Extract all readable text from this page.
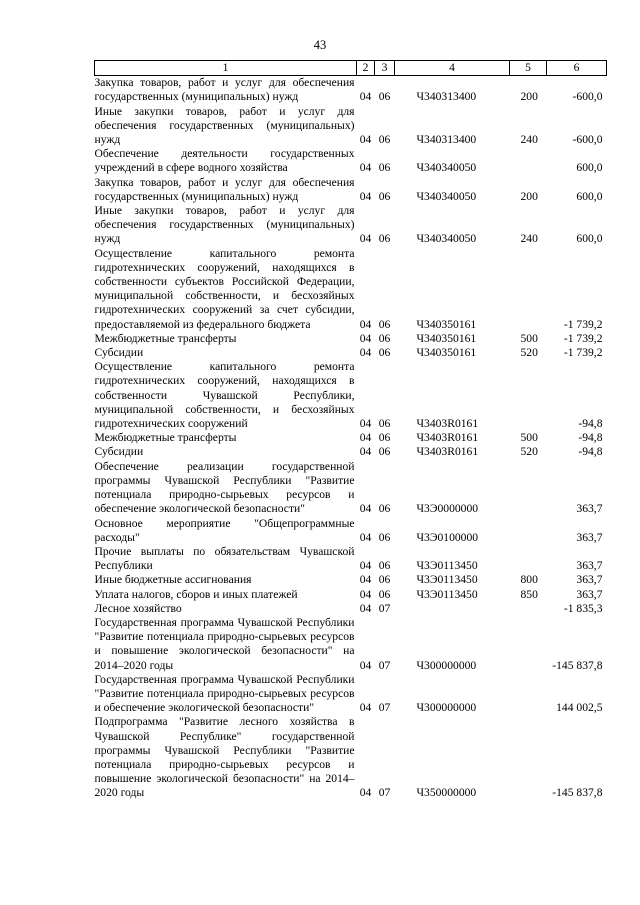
43
1	2	3	4	5	6
Закупка товаров, работ и услуг для обеспечения государственных (муниципальных) нужд	04	06	Ч340313400	200	-600,0
Иные закупки товаров, работ и услуг для обеспечения государственных (муниципальных) нужд	04	06	Ч340313400	240	-600,0
Обеспечение деятельности государственных учреждений в сфере водного хозяйства	04	06	Ч340340050		600,0
Закупка товаров, работ и услуг для обеспечения государственных (муниципальных) нужд	04	06	Ч340340050	200	600,0
Иные закупки товаров, работ и услуг для обеспечения государственных (муниципальных) нужд	04	06	Ч340340050	240	600,0
Осуществление капитального ремонта гидротехнических сооружений, находящихся в собственности субъектов Российской Федерации, муниципальной собственности, и бесхозяйных гидротехнических сооружений за счет субсидии, предоставляемой из федерального бюджета	04	06	Ч340350161		-1 739,2
Межбюджетные трансферты	04	06	Ч340350161	500	-1 739,2
Субсидии	04	06	Ч340350161	520	-1 739,2
Осуществление капитального ремонта гидротехнических сооружений, находящихся в собственности Чувашской Республики, муниципальной собственности, и бесхозяйных гидротехнических сооружений	04	06	Ч3403R0161		-94,8
Межбюджетные трансферты	04	06	Ч3403R0161	500	-94,8
Субсидии	04	06	Ч3403R0161	520	-94,8
Обеспечение реализации государственной программы Чувашской Республики "Развитие потенциала природно-сырьевых ресурсов и обеспечение экологической безопасности"	04	06	Ч3Э0000000		363,7
Основное мероприятие "Общепрограммные расходы"	04	06	Ч3Э0100000		363,7
Прочие выплаты по обязательствам Чувашской Республики	04	06	Ч3Э0113450		363,7
Иные бюджетные ассигнования	04	06	Ч3Э0113450	800	363,7
Уплата налогов, сборов и иных платежей	04	06	Ч3Э0113450	850	363,7
Лесное хозяйство	04	07			-1 835,3
Государственная программа Чувашской Республики "Развитие потенциала природно-сырьевых ресурсов и повышение экологической безопасности" на 2014–2020 годы	04	07	Ч300000000		-145 837,8
Государственная программа Чувашской Республики "Развитие потенциала природно-сырьевых ресурсов и обеспечение экологической безопасности"	04	07	Ч300000000		144 002,5
Подпрограмма "Развитие лесного хозяйства в Чувашской Республике" государственной программы Чувашской Республики "Развитие потенциала природно-сырьевых ресурсов и повышение экологической безопасности" на 2014–2020 годы	04	07	Ч350000000		-145 837,8
